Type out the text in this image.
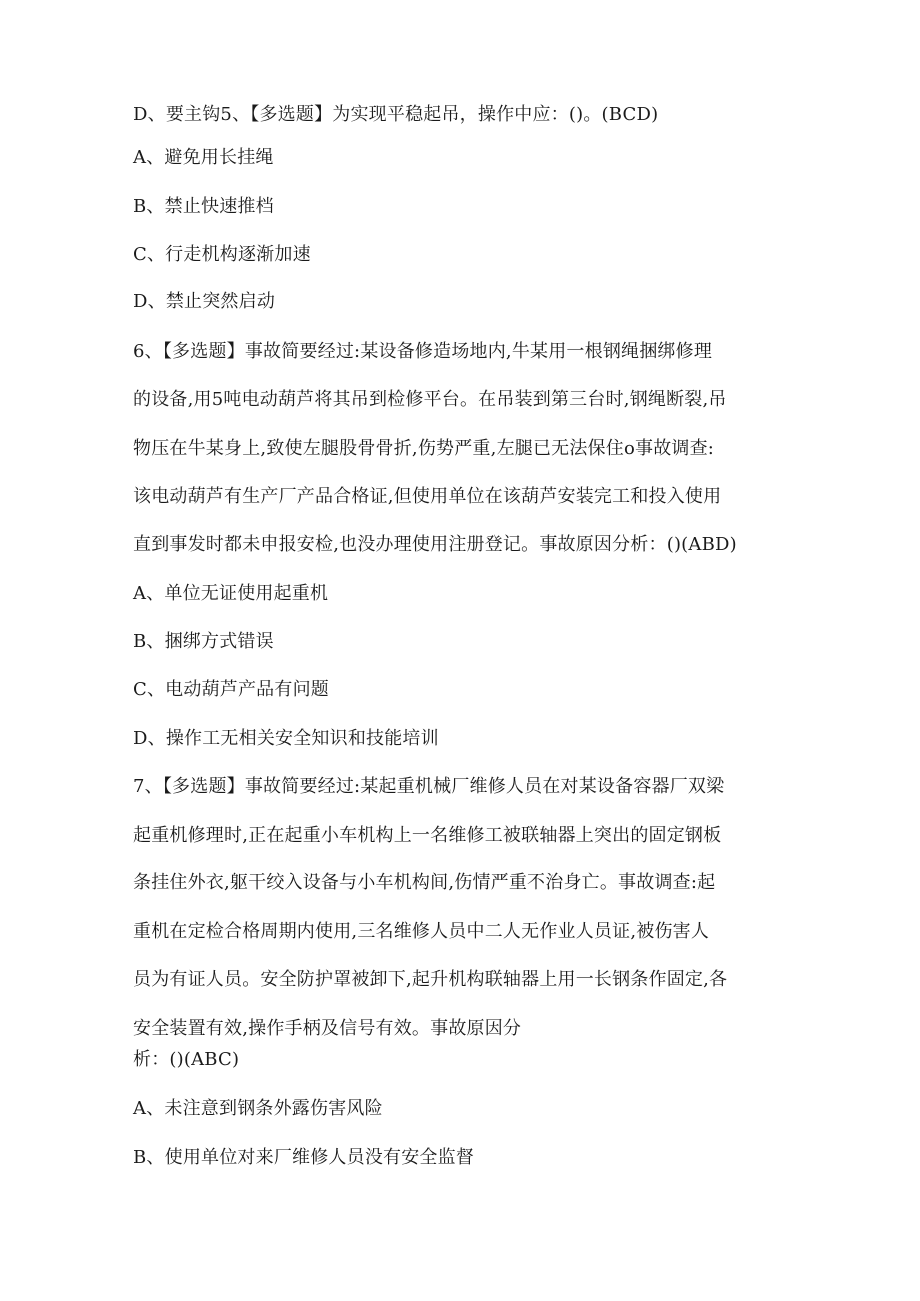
D、要主钩5、【多选题】为实现平稳起吊，操作中应：()。(BCD)
A、避免用长挂绳
B、禁止快速推档
C、行走机构逐渐加速
D、禁止突然启动
6、【多选题】事故简要经过:某设备修造场地内,牛某用一根钢绳捆绑修理
的设备,用5吨电动葫芦将其吊到检修平台。在吊装到第三台时,钢绳断裂,吊
物压在牛某身上,致使左腿股骨骨折,伤势严重,左腿已无法保住o事故调查:
该电动葫芦有生产厂产品合格证,但使用单位在该葫芦安装完工和投入使用
直到事发时都未申报安检,也没办理使用注册登记。事故原因分析：()(ABD)
A、单位无证使用起重机
B、捆绑方式错误
C、电动葫芦产品有问题
D、操作工无相关安全知识和技能培训
7、【多选题】事故简要经过:某起重机械厂维修人员在对某设备容器厂双梁
起重机修理时,正在起重小车机构上一名维修工被联轴器上突出的固定钢板
条挂住外衣,躯干绞入设备与小车机构间,伤情严重不治身亡。事故调查:起
重机在定检合格周期内使用,三名维修人员中二人无作业人员证,被伤害人
员为有证人员。安全防护罩被卸下,起升机构联轴器上用一长钢条作固定,各
安全装置有效,操作手柄及信号有效。事故原因分
析：()(ABC)
A、未注意到钢条外露伤害风险
B、使用单位对来厂维修人员没有安全监督
